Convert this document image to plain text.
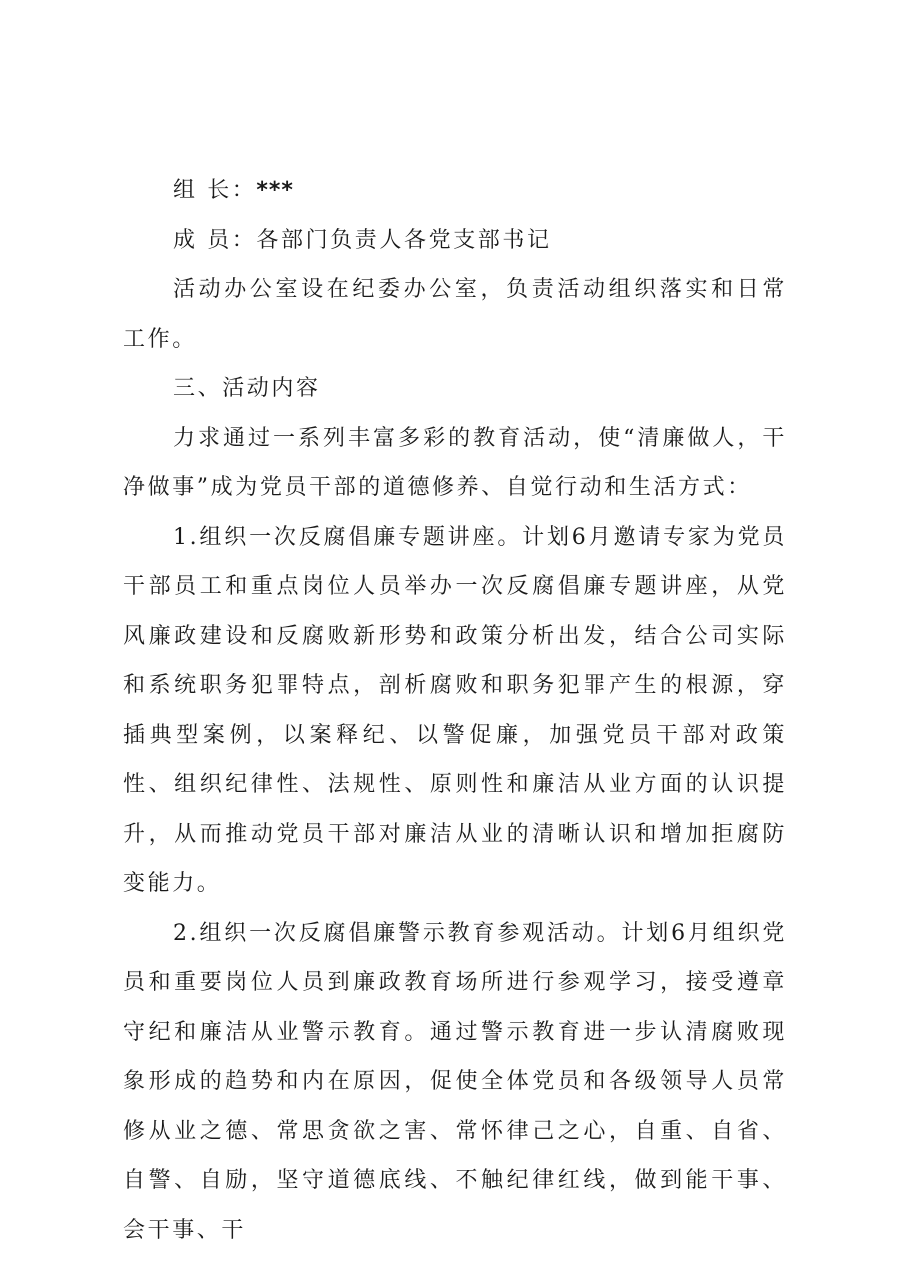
组 长：***

成 员：各部门负责人各党支部书记

活动办公室设在纪委办公室，负责活动组织落实和日常工作。

三、活动内容

力求通过一系列丰富多彩的教育活动，使“清廉做人，干净做事”成为党员干部的道德修养、自觉行动和生活方式：

1.组织一次反腐倡廉专题讲座。计划6月邀请专家为党员干部员工和重点岗位人员举办一次反腐倡廉专题讲座，从党风廉政建设和反腐败新形势和政策分析出发，结合公司实际和系统职务犯罪特点，剖析腐败和职务犯罪产生的根源，穿插典型案例，以案释纪、以警促廉，加强党员干部对政策性、组织纪律性、法规性、原则性和廉洁从业方面的认识提升，从而推动党员干部对廉洁从业的清晰认识和增加拒腐防变能力。

2.组织一次反腐倡廉警示教育参观活动。计划6月组织党员和重要岗位人员到廉政教育场所进行参观学习，接受遵章守纪和廉洁从业警示教育。通过警示教育进一步认清腐败现象形成的趋势和内在原因，促使全体党员和各级领导人员常修从业之德、常思贪欲之害、常怀律己之心，自重、自省、自警、自励，坚守道德底线、不触纪律红线，做到能干事、会干事、干
